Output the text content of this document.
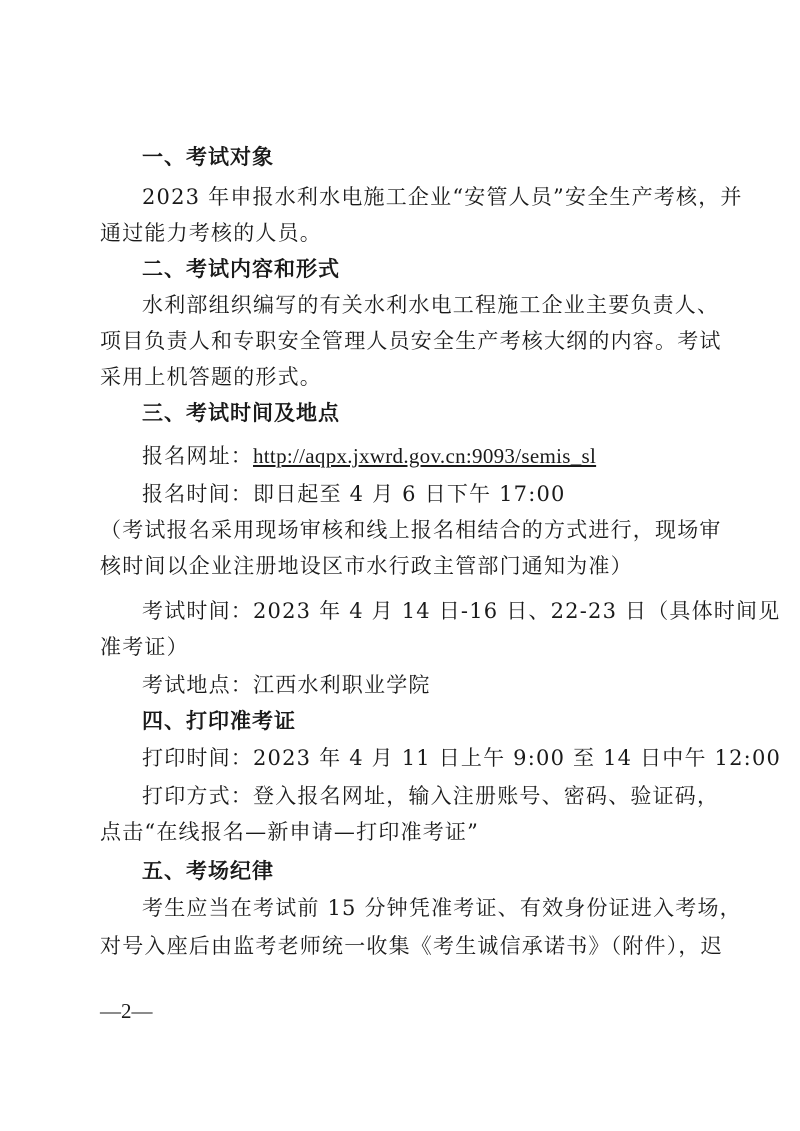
一、考试对象
2023 年申报水利水电施工企业“安管人员”安全生产考核，并
通过能力考核的人员。
二、考试内容和形式
水利部组织编写的有关水利水电工程施工企业主要负责人、
项目负责人和专职安全管理人员安全生产考核大纲的内容。考试
采用上机答题的形式。
三、考试时间及地点
报名网址：http://aqpx.jxwrd.gov.cn:9093/semis_sl
报名时间：即日起至 4 月 6 日下午 17:00
（考试报名采用现场审核和线上报名相结合的方式进行，现场审
核时间以企业注册地设区市水行政主管部门通知为准）
考试时间：2023 年 4 月 14 日-16 日、22-23 日（具体时间见
准考证）
考试地点：江西水利职业学院
四、打印准考证
打印时间：2023 年 4 月 11 日上午 9:00 至 14 日中午 12:00
打印方式：登入报名网址，输入注册账号、密码、验证码，
点击“在线报名—新申请—打印准考证”
五、考场纪律
考生应当在考试前 15 分钟凭准考证、有效身份证进入考场，
对号入座后由监考老师统一收集《考生诚信承诺书》（附件），迟
—2—
